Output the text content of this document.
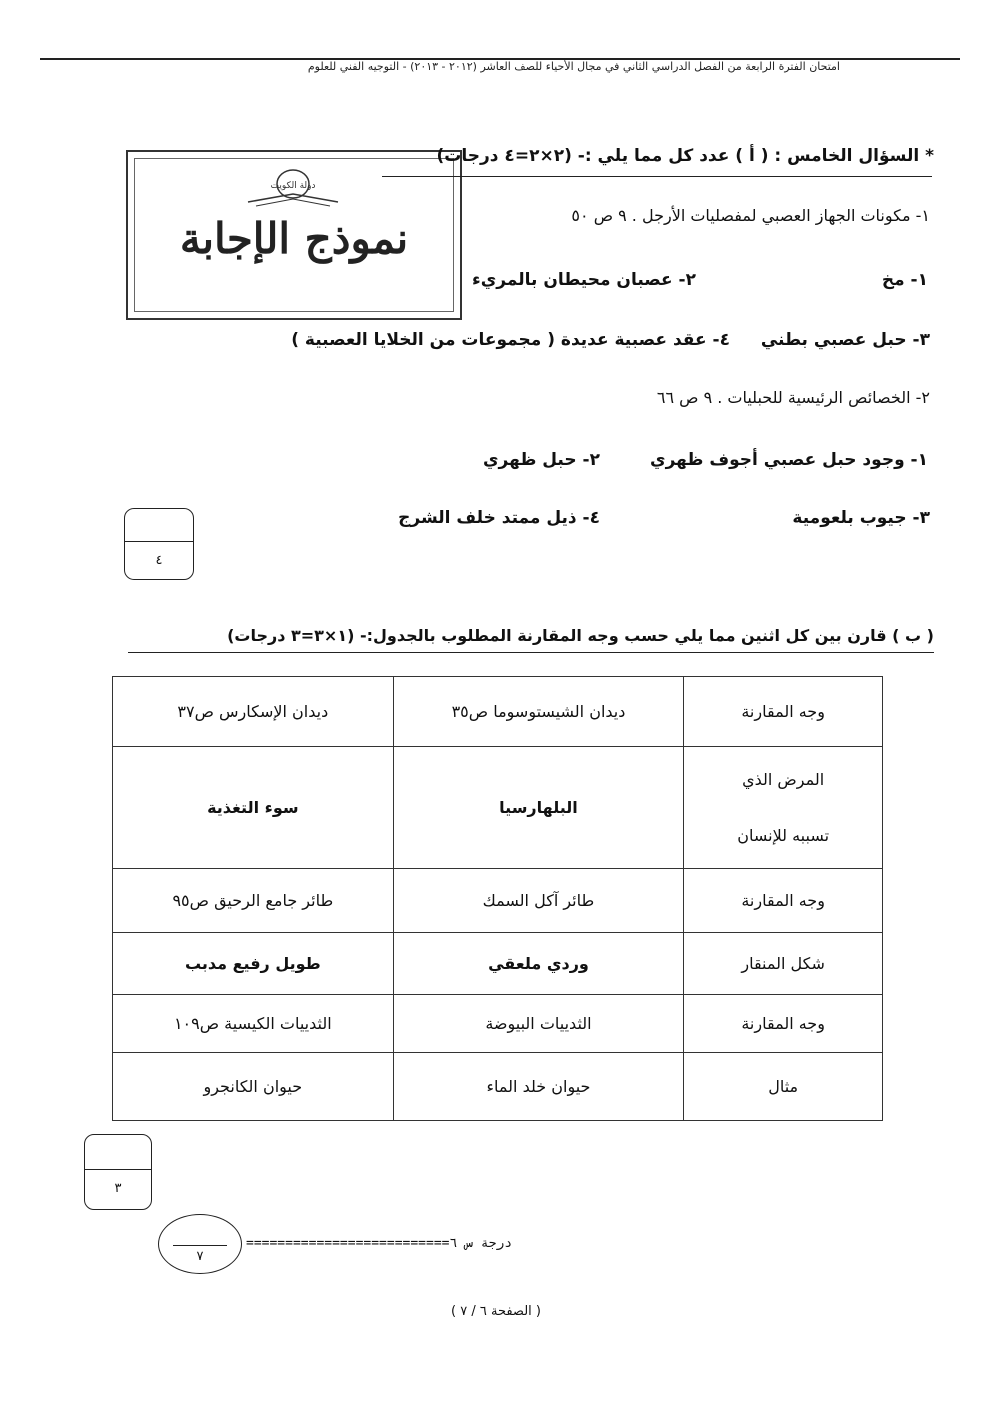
امتحان الفترة الرابعة من الفصل الدراسي الثاني في مجال الأحياء للصف العاشر (٢٠١٢ - ٢٠١٣) - التوجيه الفني للعلوم
دولة الكويت
نموذج الإجابة
* السؤال الخامس : ( أ ) عدد كل مما يلي :- (٢×٢=٤ درجات)
١- مكونات الجهاز العصبي لمفصليات الأرجل . ٩ ص ٥٠
١- مخ
٢- عصبان محيطان بالمريء
٣- حبل عصبي بطني
٤- عقد عصبية عديدة ( مجموعات من الخلايا العصبية )
٢- الخصائص الرئيسية للحبليات . ٩ ص ٦٦
١- وجود حبل عصبي أجوف ظهري
٢- حبل ظهري
٣- جيوب بلعومية
٤- ذيل ممتد خلف الشرج
٤
( ب ) قارن بين كل اثنين مما يلي حسب وجه المقارنة المطلوب بالجدول:- (١×٣=٣ درجات)
وجه المقارنة	ديدان الشيستوسوما ص٣٥	ديدان الإسكارس ص٣٧
المرض الذي
تسببه للإنسان	البلهارسيا	سوء التغذية
وجه المقارنة	طائر آكل السمك	طائر جامع الرحيق ص٩٥
شكل المنقار	وردي ملعقي	طويل رفيع مدبب
وجه المقارنة	الثدييات البيوضة	الثدييات الكيسية ص١٠٩
مثال	حيوان خلد الماء	حيوان الكانجرو
٣
٧
==========================درجة س ٦
( الصفحة ٦ / ٧ )
